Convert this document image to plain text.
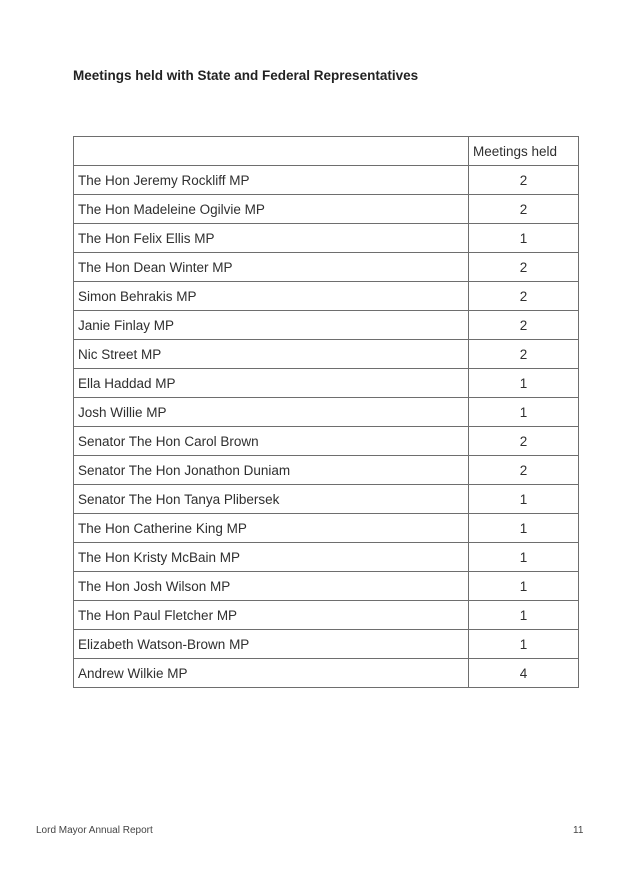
Meetings held with State and Federal Representatives
	Meetings held
The Hon Jeremy Rockliff MP	2
The Hon Madeleine Ogilvie MP	2
The Hon Felix Ellis MP	1
The Hon Dean Winter MP	2
Simon Behrakis MP	2
Janie Finlay MP	2
Nic Street MP	2
Ella Haddad MP	1
Josh Willie MP	1
Senator The Hon Carol Brown	2
Senator The Hon Jonathon Duniam	2
Senator The Hon Tanya Plibersek	1
The Hon Catherine King MP	1
The Hon Kristy McBain MP	1
The Hon Josh Wilson MP	1
The Hon Paul Fletcher MP	1
Elizabeth Watson-Brown MP	1
Andrew Wilkie MP	4
Lord Mayor Annual Report	11
